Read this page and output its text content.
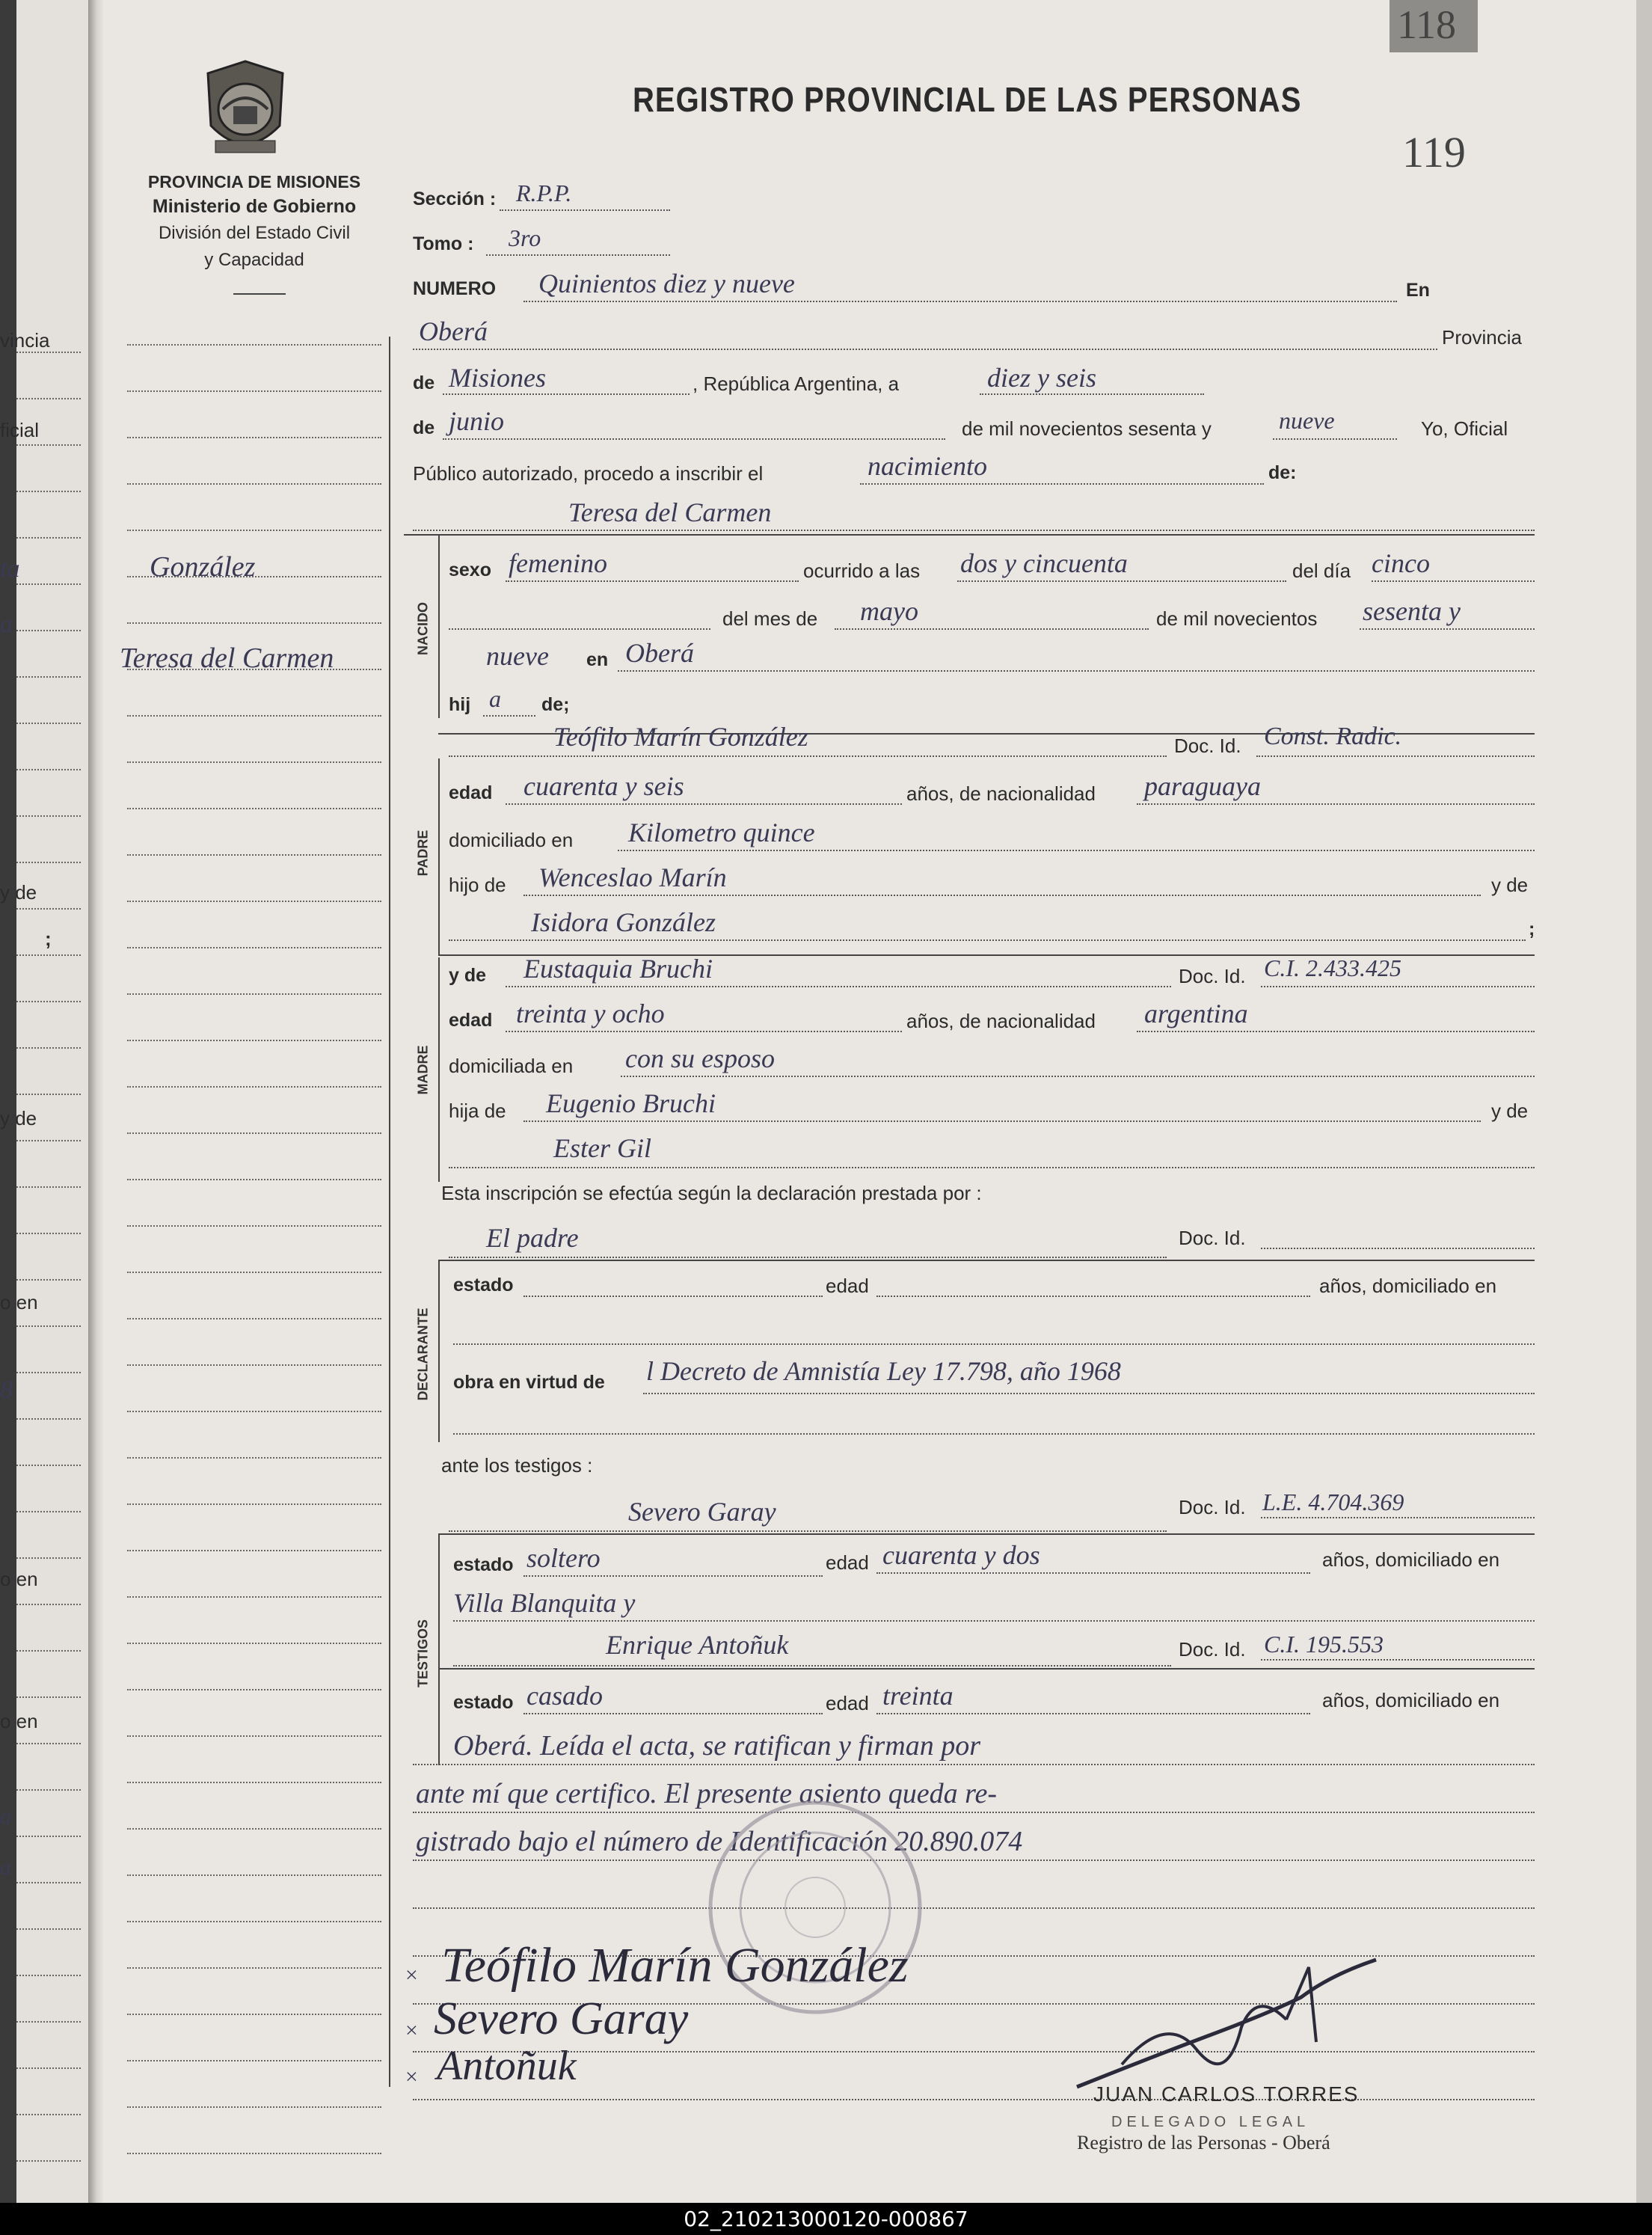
vincia
ficial
ta
a
y de
;
y de
o en
8
o en
o en
a
a
118
119
REGISTRO PROVINCIAL DE LAS PERSONAS
PROVINCIA DE MISIONES
Ministerio de Gobierno
División del Estado Civil
y Capacidad
González
Teresa del Carmen
Sección : R.P.P.
Tomo : 3ro
NUMERO Quinientos diez y nueve	En
Oberá	Provincia
de Misiones	, República Argentina, a	diez y seis
de junio	de mil novecientos sesenta y	nueve	Yo, Oficial
Público autorizado, procedo a inscribir el	nacimiento	de:
Teresa del Carmen
NACIDO
sexo femenino	ocurrido a las dos y cincuenta	del día cinco
del mes de mayo	de mil novecientos sesenta y
nueve en Oberá
hij a de;
Teófilo Marín González	Doc. Id. Const. Radic.
PADRE
edad cuarenta y seis	años, de nacionalidad paraguaya
domiciliado en Kilometro quince
hijo de Wenceslao Marín	y de
Isidora González	;
y de Eustaquia Bruchi	Doc. Id. C.I. 2.433.425
MADRE
edad treinta y ocho	años, de nacionalidad argentina
domiciliada en con su esposo
hija de Eugenio Bruchi	y de
Ester Gil
Esta inscripción se efectúa según la declaración prestada por :
El padre	Doc. Id.
DECLARANTE
estado	edad	años, domiciliado en
obra en virtud de l Decreto de Amnistía Ley 17.798, año 1968
ante los testigos :
Severo Garay	Doc. Id. L.E. 4.704.369
TESTIGOS
estado soltero	edad cuarenta y dos	años, domiciliado en
Villa Blanquita y
Enrique Antoñuk	Doc. Id. C.I. 195.553
estado casado	edad treinta	años, domiciliado en
Oberá. Leída el acta, se ratifican y firman por
ante mí que certifico. El presente asiento queda re-
gistrado bajo el número de Identificación 20.890.074
× Teófilo Marín González
× Severo Garay
× Antoñuk
JUAN CARLOS TORRES
DELEGADO LEGAL
Registro de las Personas - Oberá
02_210213000120-000867
